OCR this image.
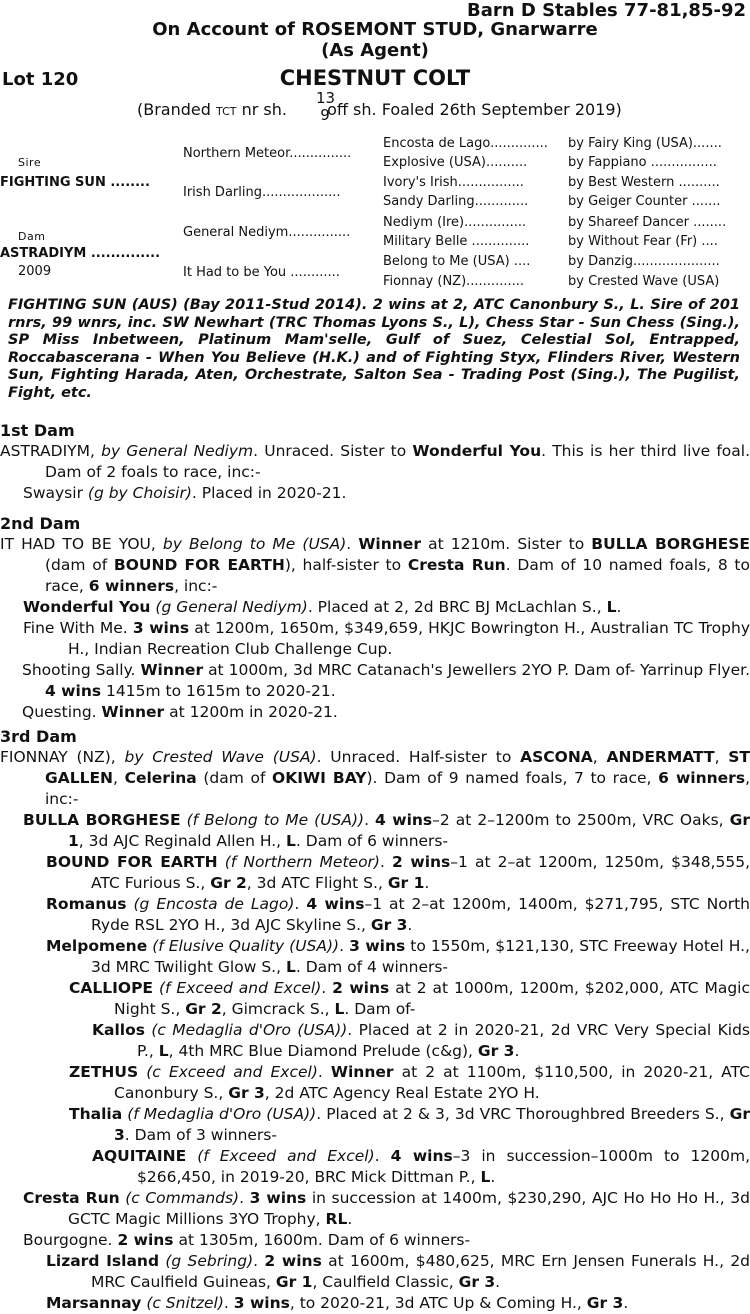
Barn D Stables 77-81,85-92
On Account of ROSEMONT STUD, Gnarwarre
(As Agent)
Lot 120	CHESTNUT COLT
(Branded TCT nr sh.	off sh. Foaled 26th September 2019)
13
9
Sire
FIGHTING SUN ........
Dam
ASTRADIYM ..............
2009
Northern Meteor...............
Irish Darling...................
General Nediym...............
It Had to be You ............
Encosta de Lago..............
Explosive (USA)..........
Ivory's Irish................
Sandy Darling.............
Nediym (Ire)...............
Military Belle ..............
Belong to Me (USA) ....
Fionnay (NZ)..............
by Fairy King (USA).......
by Fappiano ................
by Best Western ..........
by Geiger Counter .......
by Shareef Dancer ........
by Without Fear (Fr) ....
by Danzig.....................
by Crested Wave (USA)
FIGHTING SUN (AUS) (Bay 2011-Stud 2014). 2 wins at 2, ATC Canonbury S., L. Sire of 201 rnrs, 99 wnrs, inc. SW Newhart (TRC Thomas Lyons S., L), Chess Star - Sun Chess (Sing.), SP Miss Inbetween, Platinum Mam'selle, Gulf of Suez, Celestial Sol, Entrapped, Roccabascerana - When You Believe (H.K.) and of Fighting Styx, Flinders River, Western Sun, Fighting Harada, Aten, Orchestrate, Salton Sea - Trading Post (Sing.), The Pugilist, Fight, etc.
1st Dam
ASTRADIYM, by General Nediym. Unraced. Sister to Wonderful You. This is her third live foal. Dam of 2 foals to race, inc:-
Swaysir (g by Choisir). Placed in 2020-21.
2nd Dam
IT HAD TO BE YOU, by Belong to Me (USA). Winner at 1210m. Sister to BULLA BORGHESE (dam of BOUND FOR EARTH), half-sister to Cresta Run. Dam of 10 named foals, 8 to race, 6 winners, inc:-
Wonderful You (g General Nediym). Placed at 2, 2d BRC BJ McLachlan S., L.
Fine With Me. 3 wins at 1200m, 1650m, $349,659, HKJC Bowrington H., Australian TC Trophy H., Indian Recreation Club Challenge Cup.
Shooting Sally. Winner at 1000m, 3d MRC Catanach's Jewellers 2YO P. Dam of- Yarrinup Flyer. 4 wins 1415m to 1615m to 2020-21.
Questing. Winner at 1200m in 2020-21.
3rd Dam
FIONNAY (NZ), by Crested Wave (USA). Unraced. Half-sister to ASCONA, ANDERMATT, ST GALLEN, Celerina (dam of OKIWI BAY). Dam of 9 named foals, 7 to race, 6 winners, inc:-
BULLA BORGHESE (f Belong to Me (USA)). 4 wins–2 at 2–1200m to 2500m, VRC Oaks, Gr 1, 3d AJC Reginald Allen H., L. Dam of 6 winners-
BOUND FOR EARTH (f Northern Meteor). 2 wins–1 at 2–at 1200m, 1250m, $348,555, ATC Furious S., Gr 2, 3d ATC Flight S., Gr 1.
Romanus (g Encosta de Lago). 4 wins–1 at 2–at 1200m, 1400m, $271,795, STC North Ryde RSL 2YO H., 3d AJC Skyline S., Gr 3.
Melpomene (f Elusive Quality (USA)). 3 wins to 1550m, $121,130, STC Freeway Hotel H., 3d MRC Twilight Glow S., L. Dam of 4 winners-
CALLIOPE (f Exceed and Excel). 2 wins at 2 at 1000m, 1200m, $202,000, ATC Magic Night S., Gr 2, Gimcrack S., L. Dam of-
Kallos (c Medaglia d'Oro (USA)). Placed at 2 in 2020-21, 2d VRC Very Special Kids P., L, 4th MRC Blue Diamond Prelude (c&g), Gr 3.
ZETHUS (c Exceed and Excel). Winner at 2 at 1100m, $110,500, in 2020-21, ATC Canonbury S., Gr 3, 2d ATC Agency Real Estate 2YO H.
Thalia (f Medaglia d'Oro (USA)). Placed at 2 & 3, 3d VRC Thoroughbred Breeders S., Gr 3. Dam of 3 winners-
AQUITAINE (f Exceed and Excel). 4 wins–3 in succession–1000m to 1200m, $266,450, in 2019-20, BRC Mick Dittman P., L.
Cresta Run (c Commands). 3 wins in succession at 1400m, $230,290, AJC Ho Ho Ho H., 3d GCTC Magic Millions 3YO Trophy, RL.
Bourgogne. 2 wins at 1305m, 1600m. Dam of 6 winners-
Lizard Island (g Sebring). 2 wins at 1600m, $480,625, MRC Ern Jensen Funerals H., 2d MRC Caulfield Guineas, Gr 1, Caulfield Classic, Gr 3.
Marsannay (c Snitzel). 3 wins, to 2020-21, 3d ATC Up & Coming H., Gr 3.
